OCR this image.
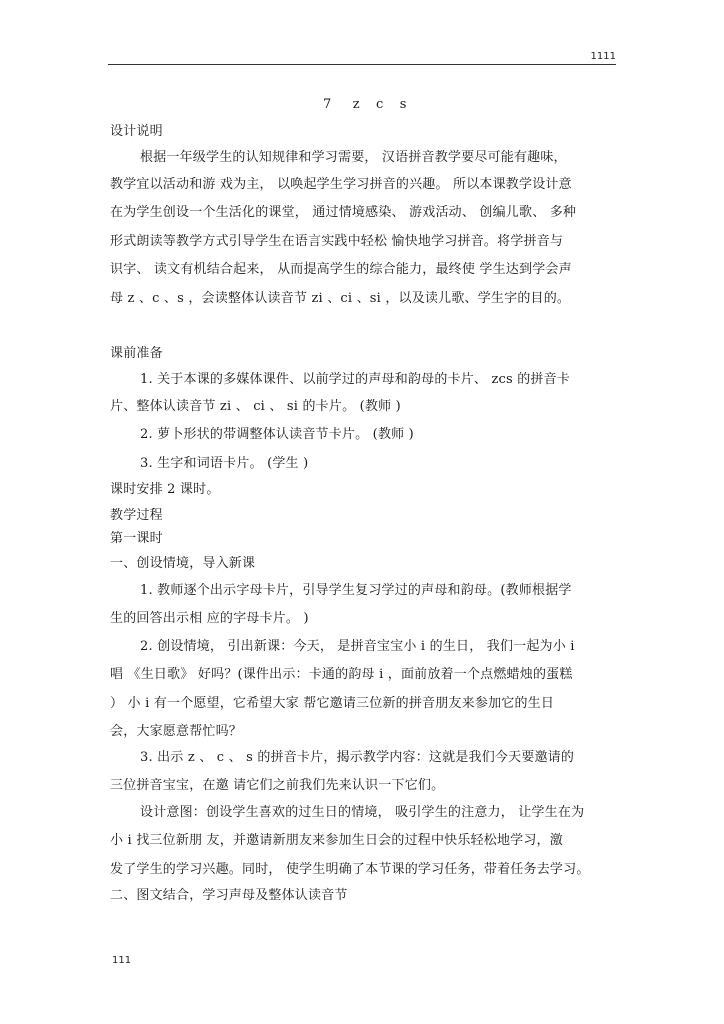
1111
7    z   c   s
设计说明
根据一年级学生的认知规律和学习需要， 汉语拼音教学要尽可能有趣味，
教学宜以活动和游 戏为主， 以唤起学生学习拼音的兴趣。 所以本课教学设计意
在为学生创设一个生活化的课堂， 通过情境感染、 游戏活动、 创编儿歌、 多种
形式朗读等教学方式引导学生在语言实践中轻松 愉快地学习拼音。将学拼音与
识字、 读文有机结合起来， 从而提高学生的综合能力，最终使 学生达到学会声
母 z 、c 、s ，会读整体认读音节 zi 、ci 、si ，以及读儿歌、学生字的目的。
课前准备
1. 关于本课的多媒体课件、以前学过的声母和韵母的卡片、 zcs 的拼音卡
片、整体认读音节 zi 、 ci 、 si 的卡片。 (教师 )
2. 萝卜形状的带调整体认读音节卡片。 (教师 )
3. 生字和词语卡片。 (学生 )
课时安排 2 课时。
教学过程
第一课时
一、创设情境，导入新课
1. 教师逐个出示字母卡片，引导学生复习学过的声母和韵母。(教师根据学
生的回答出示相 应的字母卡片。 )
2. 创设情境， 引出新课：今天， 是拼音宝宝小 i 的生日， 我们一起为小 i
唱 《生日歌》 好吗？(课件出示：卡通的韵母 i ，面前放着一个点燃蜡烛的蛋糕
） 小 i 有一个愿望，它希望大家 帮它邀请三位新的拼音朋友来参加它的生日
会，大家愿意帮忙吗？
3. 出示 z 、 c 、 s 的拼音卡片，揭示教学内容：这就是我们今天要邀请的
三位拼音宝宝，在邀 请它们之前我们先来认识一下它们。
设计意图：创设学生喜欢的过生日的情境， 吸引学生的注意力， 让学生在为
小 i 找三位新朋 友，并邀请新朋友来参加生日会的过程中快乐轻松地学习，激
发了学生的学习兴趣。同时， 使学生明确了本节课的学习任务，带着任务去学习。
二、图文结合，学习声母及整体认读音节
111
